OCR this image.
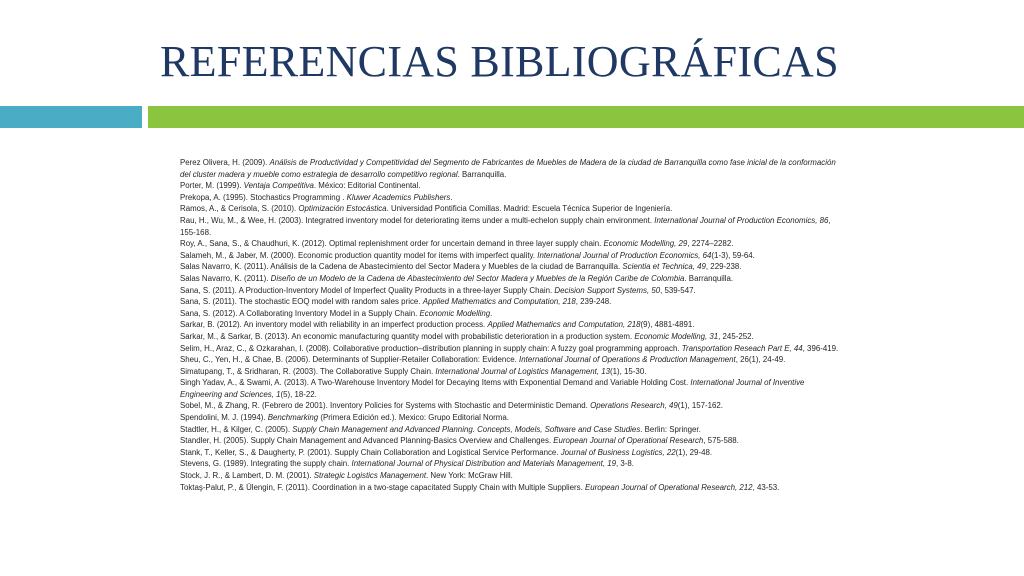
REFERENCIAS BIBLIOGRÁFICAS

Perez Olivera, H. (2009). Análisis de Productividad y Competitividad del Segmento de Fabricantes de Muebles de Madera de la ciudad de Barranquilla como fase inicial de la conformación del cluster madera y mueble como estrategia de desarrollo competitivo regional. Barranquilla.

Porter, M. (1999). Ventaja Competitiva. México: Editorial Continental.

Prekopa, A. (1995). Stochastics Programming . Kluwer Academics Publishers.

Ramos, A., & Cerisola, S. (2010). Optimización Estocástica. Universidad Pontificia Comillas. Madrid: Escuela Técnica Superior de Ingeniería.

Rau, H., Wu, M., & Wee, H. (2003). Integratred inventory model for deteriorating items under a multi-echelon supply chain environment. International Journal of Production Economics, 86, 155-168.

Roy, A., Sana, S., & Chaudhuri, K. (2012). Optimal replenishment order for uncertain demand in three layer supply chain. Economic Modelling, 29, 2274–2282.

Salameh, M., & Jaber, M. (2000). Economic production quantity model for items with imperfect quality. International Journal of Production Economics, 64(1-3), 59-64.

Salas Navarro, K. (2011). Análisis de la Cadena de Abastecimiento del Sector Madera y Muebles de la ciudad de Barranquilla. Scientia et Technica, 49, 229-238.

Salas Navarro, K. (2011). Diseño de un Modelo de la Cadena de Abastecimiento del Sector Madera y Muebles de la Región Caribe de Colombia. Barranquilla.

Sana, S. (2011). A Production-Inventory Model of Imperfect Quality Products in a three-layer Supply Chain. Decision Support Systems, 50, 539-547.

Sana, S. (2011). The stochastic EOQ model with random sales price. Applied Mathematics and Computation, 218, 239-248.

Sana, S. (2012). A Collaborating Inventory Model in a Supply Chain. Economic Modelling.

Sarkar, B. (2012). An inventory model with reliability in an imperfect production process. Applied Mathematics and Computation, 218(9), 4881-4891.

Sarkar, M., & Sarkar, B. (2013). An economic manufacturing quantity model with probabilistic deterioration in a production system. Economic Modelling, 31, 245-252.

Selim, H., Araz, C., & Ozkarahan, I. (2008). Collaborative production–distribution planning in supply chain: A fuzzy goal programming approach. Transportation Reseach Part E, 44, 396-419.

Sheu, C., Yen, H., & Chae, B. (2006). Determinants of Supplier-Retailer Collaboration: Evidence. International Journal of Operations & Production Management, 26(1), 24-49.

Simatupang, T., & Sridharan, R. (2003). The Collaborative Supply Chain. International Journal of Logistics Management, 13(1), 15-30.

Singh Yadav, A., & Swami, A. (2013). A Two-Warehouse Inventory Model for Decaying Items with Exponential Demand and Variable Holding Cost. International Journal of Inventive Engineering and Sciences, 1(5), 18-22.

Sobel, M., & Zhang, R. (Febrero de 2001). Inventory Policies for Systems with Stochastic and Deterministic Demand. Operations Research, 49(1), 157-162.

Spendolini, M. J. (1994). Benchmarking (Primera Edición ed.). Mexico: Grupo Editorial Norma.

Stadtler, H., & Kilger, C. (2005). Supply Chain Management and Advanced Planning. Concepts, Models, Software and Case Studies. Berlin: Springer.

Standler, H. (2005). Supply Chain Management and Advanced Planning-Basics Overview and Challenges. European Journal of Operational Research, 575-588.

Stank, T., Keller, S., & Daugherty, P. (2001). Supply Chain Collaboration and Logistical Service Performance. Journal of Business Logistics, 22(1), 29-48.

Stevens, G. (1989). Integrating the supply chain. International Journal of Physical Distribution and Materials Management, 19, 3-8.

Stock, J. R., & Lambert, D. M. (2001). Strategic Logistics Management. New York: McGraw Hill.

Toktaş-Palut, P., & Ülengin, F. (2011). Coordination in a two-stage capacitated Supply Chain with Multiple Suppliers. European Journal of Operational Research, 212, 43-53.
